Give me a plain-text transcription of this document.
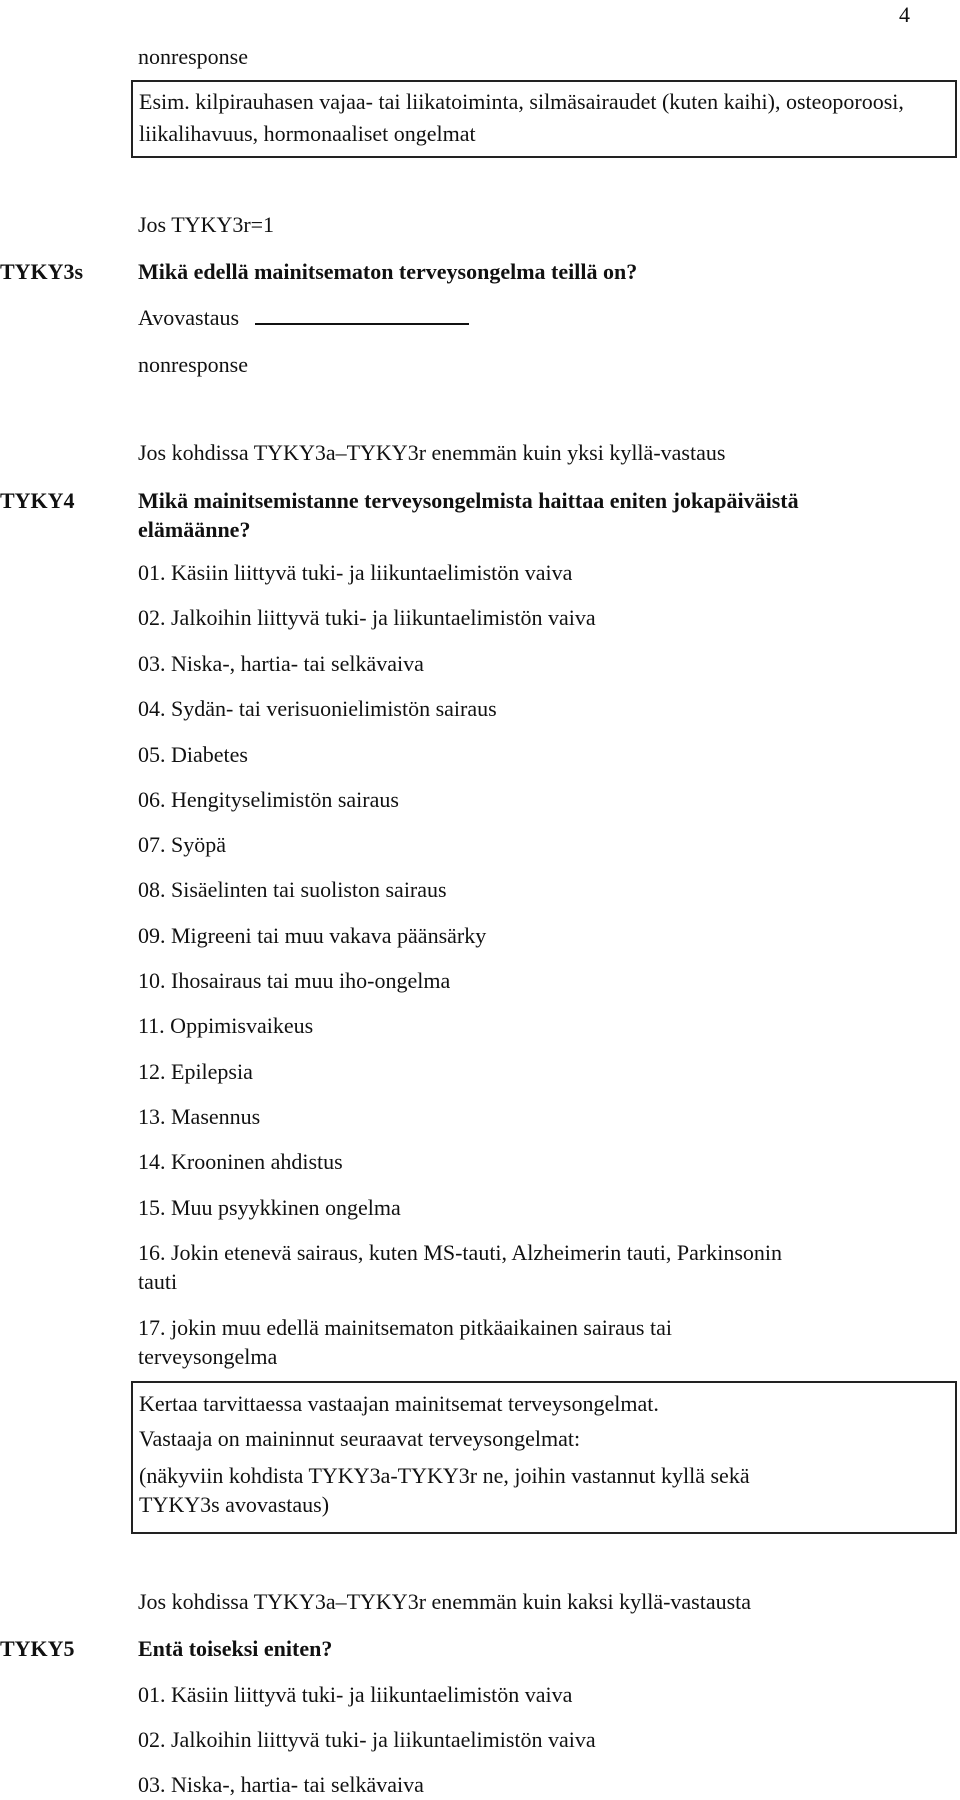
4
nonresponse
Esim. kilpirauhasen vajaa- tai liikatoiminta, silmäsairaudet (kuten kaihi), osteoporoosi, liikalihavuus, hormonaaliset ongelmat
Jos TYKY3r=1
TYKY3s Mikä edellä mainitsematon terveysongelma teillä on?
Avovastaus
nonresponse
Jos kohdissa TYKY3a–TYKY3r enemmän kuin yksi kyllä-vastaus
TYKY4	Mikä mainitsemistanne terveysongelmista haittaa eniten jokapäiväistä
elämäänne?
01. Käsiin liittyvä tuki- ja liikuntaelimistön vaiva
02. Jalkoihin liittyvä tuki- ja liikuntaelimistön vaiva
03. Niska-, hartia- tai selkävaiva
04. Sydän- tai verisuonielimistön sairaus
05. Diabetes
06. Hengityselimistön sairaus
07. Syöpä
08. Sisäelinten tai suoliston sairaus
09. Migreeni tai muu vakava päänsärky
10. Ihosairaus tai muu iho-ongelma
11. Oppimisvaikeus
12. Epilepsia
13. Masennus
14. Krooninen ahdistus
15. Muu psyykkinen ongelma
16. Jokin etenevä sairaus, kuten MS-tauti, Alzheimerin tauti, Parkinsonin
tauti
17. jokin muu edellä mainitsematon pitkäaikainen sairaus tai
terveysongelma
Kertaa tarvittaessa vastaajan mainitsemat terveysongelmat.
Vastaaja on maininnut seuraavat terveysongelmat:
(näkyviin kohdista TYKY3a-TYKY3r ne, joihin vastannut kyllä sekä
TYKY3s avovastaus)
Jos kohdissa TYKY3a–TYKY3r enemmän kuin kaksi kyllä-vastausta
TYKY5	Entä toiseksi eniten?
01. Käsiin liittyvä tuki- ja liikuntaelimistön vaiva
02. Jalkoihin liittyvä tuki- ja liikuntaelimistön vaiva
03. Niska-, hartia- tai selkävaiva
